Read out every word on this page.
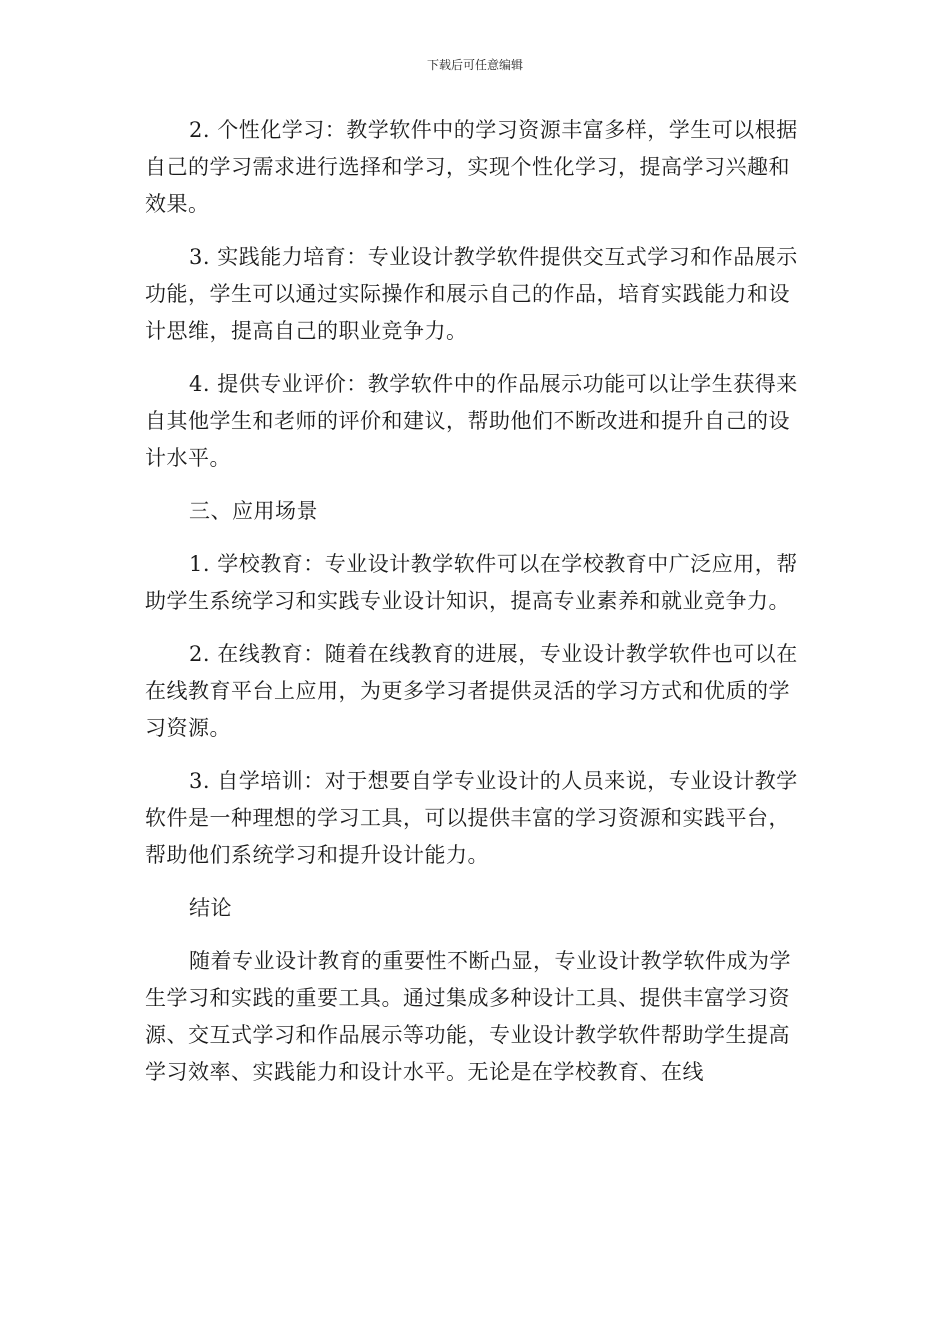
下载后可任意编辑

2. 个性化学习：教学软件中的学习资源丰富多样，学生可以根据自己的学习需求进行选择和学习，实现个性化学习，提高学习兴趣和效果。

3. 实践能力培育：专业设计教学软件提供交互式学习和作品展示功能，学生可以通过实际操作和展示自己的作品，培育实践能力和设计思维，提高自己的职业竞争力。

4. 提供专业评价：教学软件中的作品展示功能可以让学生获得来自其他学生和老师的评价和建议，帮助他们不断改进和提升自己的设计水平。

三、应用场景

1. 学校教育：专业设计教学软件可以在学校教育中广泛应用，帮助学生系统学习和实践专业设计知识，提高专业素养和就业竞争力。

2. 在线教育：随着在线教育的进展，专业设计教学软件也可以在在线教育平台上应用，为更多学习者提供灵活的学习方式和优质的学习资源。

3. 自学培训：对于想要自学专业设计的人员来说，专业设计教学软件是一种理想的学习工具，可以提供丰富的学习资源和实践平台，帮助他们系统学习和提升设计能力。

结论

随着专业设计教育的重要性不断凸显，专业设计教学软件成为学生学习和实践的重要工具。通过集成多种设计工具、提供丰富学习资源、交互式学习和作品展示等功能，专业设计教学软件帮助学生提高学习效率、实践能力和设计水平。无论是在学校教育、在线
